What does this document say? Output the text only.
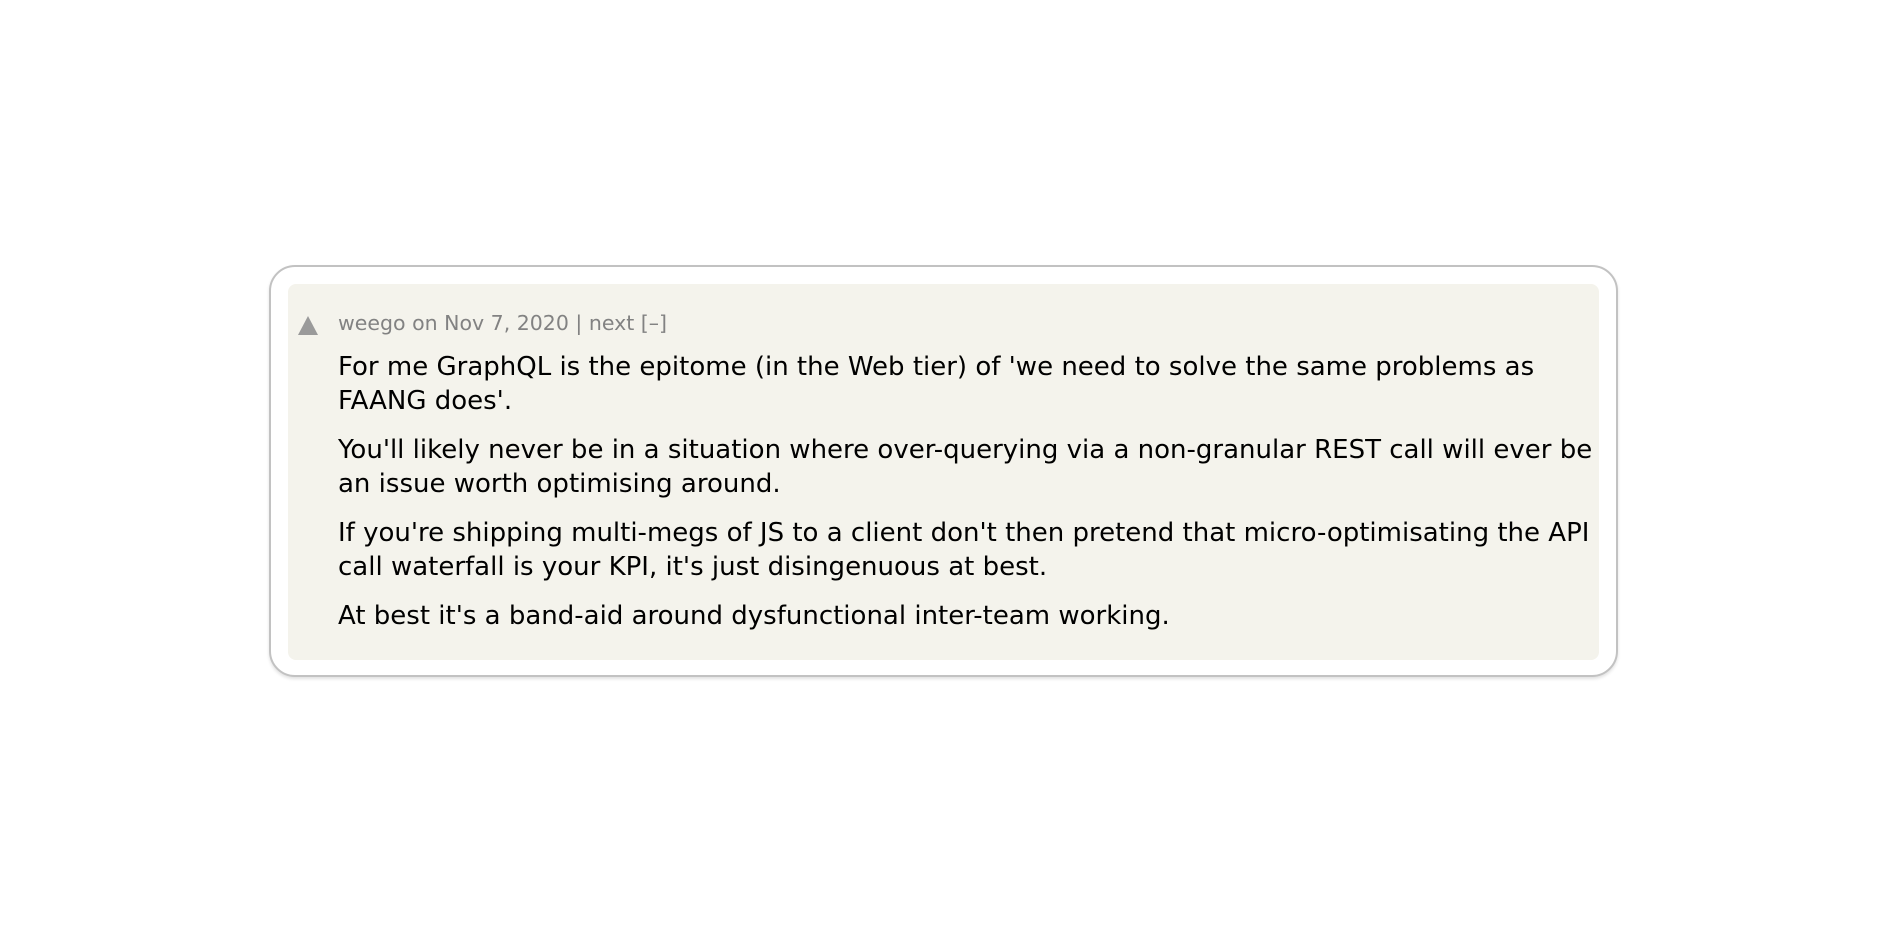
weego on Nov 7, 2020 | next [–]

For me GraphQL is the epitome (in the Web tier) of 'we need to solve the same problems as FAANG does'.

You'll likely never be in a situation where over-querying via a non-granular REST call will ever be an issue worth optimising around.

If you're shipping multi-megs of JS to a client don't then pretend that micro-optimisating the API call waterfall is your KPI, it's just disingenuous at best.

At best it's a band-aid around dysfunctional inter-team working.
